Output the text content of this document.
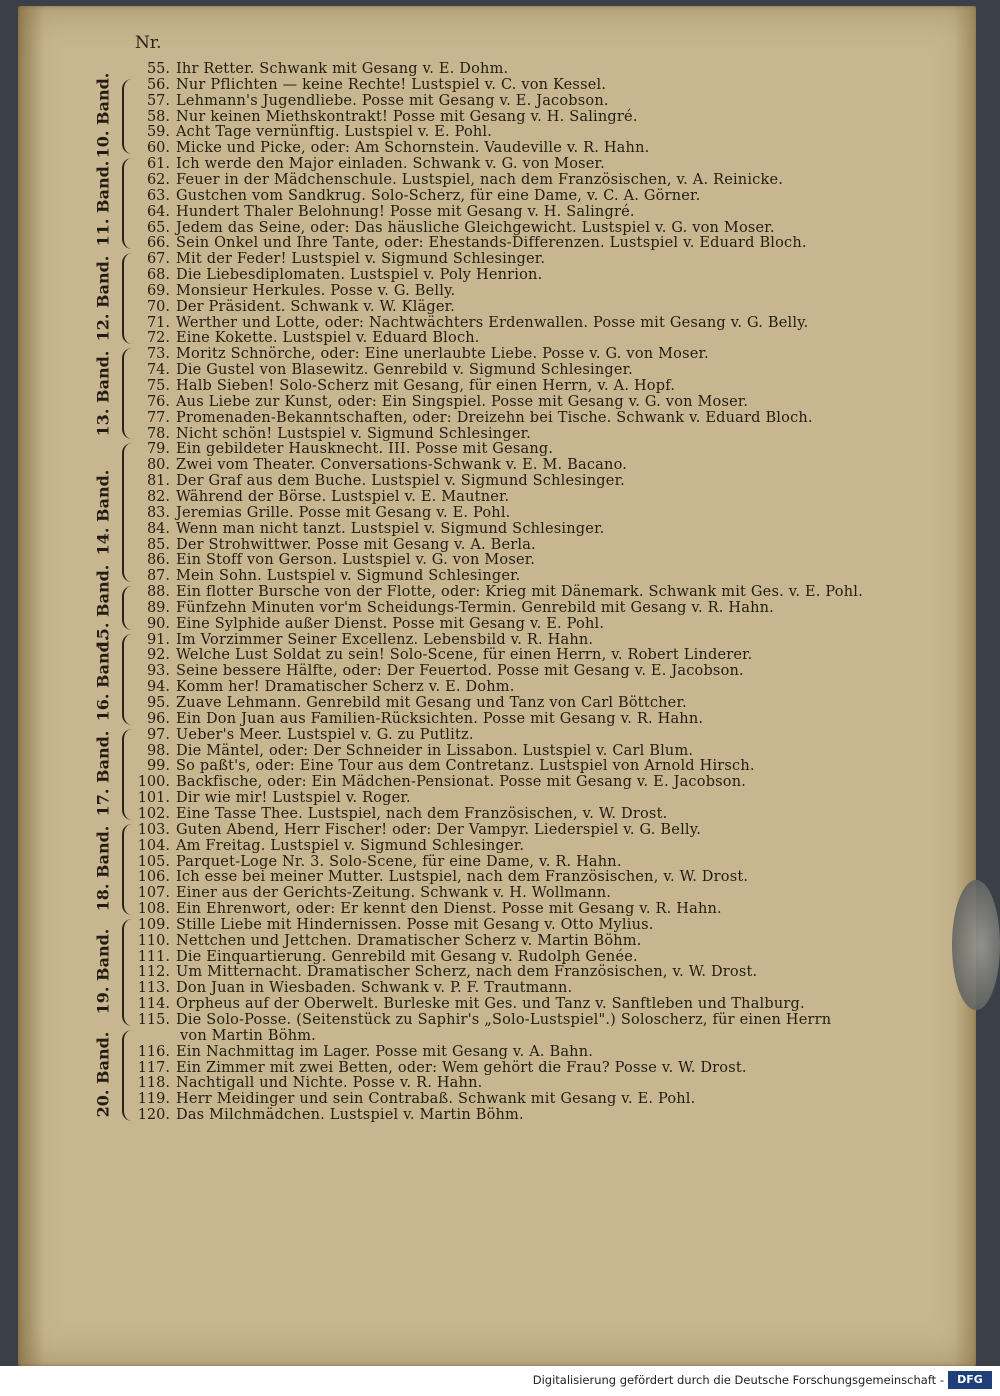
Nr.
55. Ihr Retter. Schwank mit Gesang v. E. Dohm.
56. Nur Pflichten — keine Rechte! Lustspiel v. C. von Kessel.
57. Lehmann's Jugendliebe. Posse mit Gesang v. E. Jacobson.
58. Nur keinen Miethskontrakt! Posse mit Gesang v. H. Salingré.
59. Acht Tage vernünftig. Lustspiel v. E. Pohl.
60. Micke und Picke, oder: Am Schornstein. Vaudeville v. R. Hahn.
61. Ich werde den Major einladen. Schwank v. G. von Moser.
62. Feuer in der Mädchenschule. Lustspiel, nach dem Französischen, v. A. Reinicke.
63. Gustchen vom Sandkrug. Solo-Scherz, für eine Dame, v. C. A. Görner.
64. Hundert Thaler Belohnung! Posse mit Gesang v. H. Salingré.
65. Jedem das Seine, oder: Das häusliche Gleichgewicht. Lustspiel v. G. von Moser.
66. Sein Onkel und Ihre Tante, oder: Ehestands-Differenzen. Lustspiel v. Eduard Bloch.
67. Mit der Feder! Lustspiel v. Sigmund Schlesinger.
68. Die Liebesdiplomaten. Lustspiel v. Poly Henrion.
69. Monsieur Herkules. Posse v. G. Belly.
70. Der Präsident. Schwank v. W. Kläger.
71. Werther und Lotte, oder: Nachtwächters Erdenwallen. Posse mit Gesang v. G. Belly.
72. Eine Kokette. Lustspiel v. Eduard Bloch.
73. Moritz Schnörche, oder: Eine unerlaubte Liebe. Posse v. G. von Moser.
74. Die Gustel von Blasewitz. Genrebild v. Sigmund Schlesinger.
75. Halb Sieben! Solo-Scherz mit Gesang, für einen Herrn, v. A. Hopf.
76. Aus Liebe zur Kunst, oder: Ein Singspiel. Posse mit Gesang v. G. von Moser.
77. Promenaden-Bekanntschaften, oder: Dreizehn bei Tische. Schwank v. Eduard Bloch.
78. Nicht schön! Lustspiel v. Sigmund Schlesinger.
79. Ein gebildeter Hausknecht. III. Posse mit Gesang.
80. Zwei vom Theater. Conversations-Schwank v. E. M. Bacano.
81. Der Graf aus dem Buche. Lustspiel v. Sigmund Schlesinger.
82. Während der Börse. Lustspiel v. E. Mautner.
83. Jeremias Grille. Posse mit Gesang v. E. Pohl.
84. Wenn man nicht tanzt. Lustspiel v. Sigmund Schlesinger.
85. Der Strohwittwer. Posse mit Gesang v. A. Berla.
86. Ein Stoff von Gerson. Lustspiel v. G. von Moser.
87. Mein Sohn. Lustspiel v. Sigmund Schlesinger.
88. Ein flotter Bursche von der Flotte, oder: Krieg mit Dänemark. Schwank mit Ges. v. E. Pohl.
89. Fünfzehn Minuten vor'm Scheidungs-Termin. Genrebild mit Gesang v. R. Hahn.
90. Eine Sylphide außer Dienst. Posse mit Gesang v. E. Pohl.
91. Im Vorzimmer Seiner Excellenz. Lebensbild v. R. Hahn.
92. Welche Lust Soldat zu sein! Solo-Scene, für einen Herrn, v. Robert Linderer.
93. Seine bessere Hälfte, oder: Der Feuertod. Posse mit Gesang v. E. Jacobson.
94. Komm her! Dramatischer Scherz v. E. Dohm.
95. Zuave Lehmann. Genrebild mit Gesang und Tanz von Carl Böttcher.
96. Ein Don Juan aus Familien-Rücksichten. Posse mit Gesang v. R. Hahn.
97. Ueber's Meer. Lustspiel v. G. zu Putlitz.
98. Die Mäntel, oder: Der Schneider in Lissabon. Lustspiel v. Carl Blum.
99. So paßt's, oder: Eine Tour aus dem Contretanz. Lustspiel von Arnold Hirsch.
100. Backfische, oder: Ein Mädchen-Pensionat. Posse mit Gesang v. E. Jacobson.
101. Dir wie mir! Lustspiel v. Roger.
102. Eine Tasse Thee. Lustspiel, nach dem Französischen, v. W. Drost.
103. Guten Abend, Herr Fischer! oder: Der Vampyr. Liederspiel v. G. Belly.
104. Am Freitag. Lustspiel v. Sigmund Schlesinger.
105. Parquet-Loge Nr. 3. Solo-Scene, für eine Dame, v. R. Hahn.
106. Ich esse bei meiner Mutter. Lustspiel, nach dem Französischen, v. W. Drost.
107. Einer aus der Gerichts-Zeitung. Schwank v. H. Wollmann.
108. Ein Ehrenwort, oder: Er kennt den Dienst. Posse mit Gesang v. R. Hahn.
109. Stille Liebe mit Hindernissen. Posse mit Gesang v. Otto Mylius.
110. Nettchen und Jettchen. Dramatischer Scherz v. Martin Böhm.
111. Die Einquartierung. Genrebild mit Gesang v. Rudolph Genée.
112. Um Mitternacht. Dramatischer Scherz, nach dem Französischen, v. W. Drost.
113. Don Juan in Wiesbaden. Schwank v. P. F. Trautmann.
114. Orpheus auf der Oberwelt. Burleske mit Ges. und Tanz v. Sanftleben und Thalburg.
115. Die Solo-Posse. (Seitenstück zu Saphir's „Solo-Lustspiel".) Soloscherz, für einen Herrn
von Martin Böhm.
116. Ein Nachmittag im Lager. Posse mit Gesang v. A. Bahn.
117. Ein Zimmer mit zwei Betten, oder: Wem gehört die Frau? Posse v. W. Drost.
118. Nachtigall und Nichte. Posse v. R. Hahn.
119. Herr Meidinger und sein Contrabaß. Schwank mit Gesang v. E. Pohl.
120. Das Milchmädchen. Lustspiel v. Martin Böhm.
10. Band.
11. Band.
12. Band.
13. Band.
14. Band.
15. Band.
16. Band.
17. Band.
18. Band.
19. Band.
20. Band.
Digitalisierung gefördert durch die Deutsche Forschungsgemeinschaft -	DFG
